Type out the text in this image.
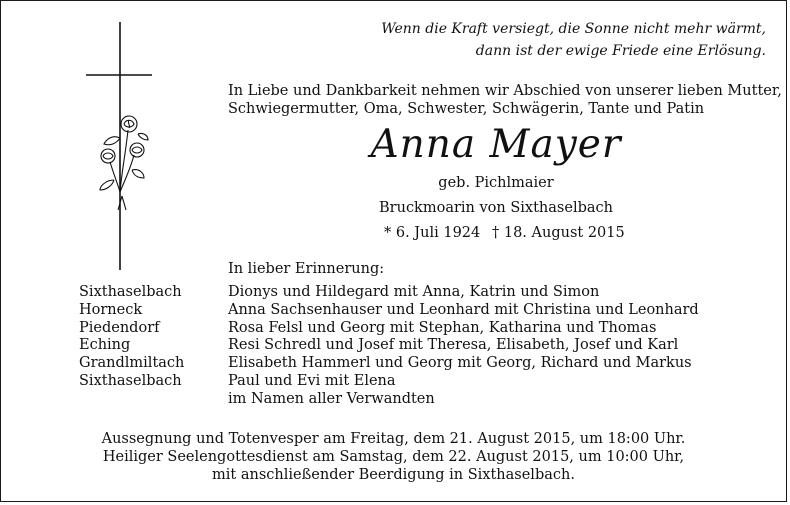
Wenn die Kraft versiegt, die Sonne nicht mehr wärmt,
dann ist der ewige Friede eine Erlösung.
In Liebe und Dankbarkeit nehmen wir Abschied von unserer lieben Mutter,
Schwiegermutter, Oma, Schwester, Schwägerin, Tante und Patin
Anna Mayer
geb. Pichlmaier
Bruckmoarin von Sixthaselbach
* 6. Juli 1924 † 18. August 2015
In lieber Erinnerung:
Sixthaselbach
Horneck
Piedendorf
Eching
Grandlmiltach
Sixthaselbach
Dionys und Hildegard mit Anna, Katrin und Simon
Anna Sachsenhauser und Leonhard mit Christina und Leonhard
Rosa Felsl und Georg mit Stephan, Katharina und Thomas
Resi Schredl und Josef mit Theresa, Elisabeth, Josef und Karl
Elisabeth Hammerl und Georg mit Georg, Richard und Markus
Paul und Evi mit Elena
im Namen aller Verwandten
Aussegnung und Totenvesper am Freitag, dem 21. August 2015, um 18:00 Uhr.
Heiliger Seelengottesdienst am Samstag, dem 22. August 2015, um 10:00 Uhr,
mit anschließender Beerdigung in Sixthaselbach.
